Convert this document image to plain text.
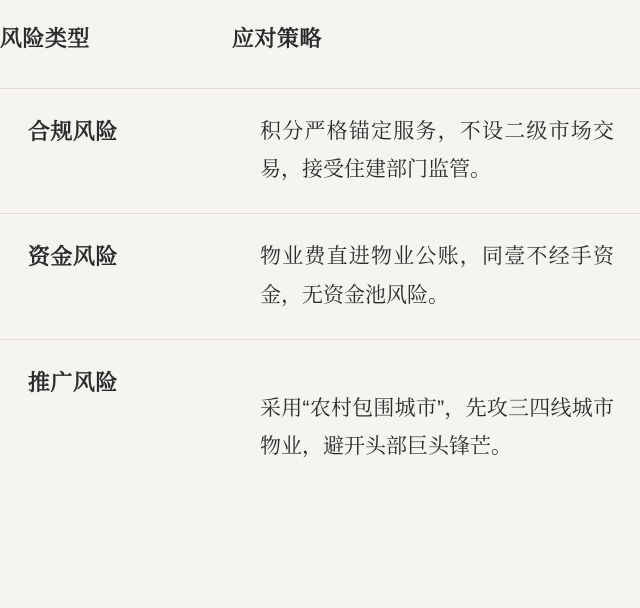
风险类型	应对策略
合规风险	积分严格锚定服务，不设二级市场交易，接受住建部门监管。
资金风险	物业费直进物业公账，同壹不经手资金，无资金池风险。
推广风险	采用“农村包围城市”，先攻三四线城市物业，避开头部巨头锋芒。
